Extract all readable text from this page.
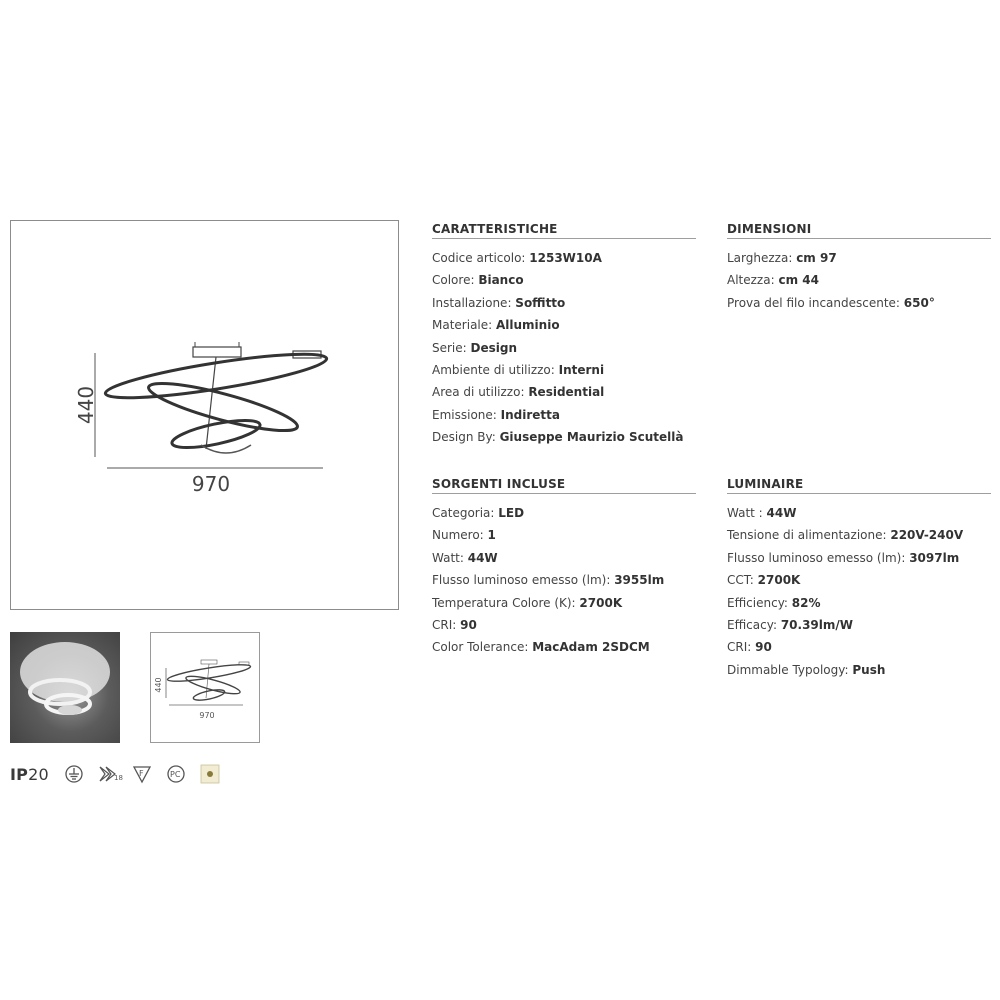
440
970
440
970
IP20	18 F	PC
CARATTERISTICHE
Codice articolo: 1253W10A
Colore: Bianco
Installazione: Soffitto
Materiale: Alluminio
Serie: Design
Ambiente di utilizzo: Interni
Area di utilizzo: Residential
Emissione: Indiretta
Design By: Giuseppe Maurizio Scutellà
DIMENSIONI
Larghezza: cm 97
Altezza: cm 44
Prova del filo incandescente: 650°
SORGENTI INCLUSE
Categoria: LED
Numero: 1
Watt: 44W
Flusso luminoso emesso (lm): 3955lm
Temperatura Colore (K): 2700K
CRI: 90
Color Tolerance: MacAdam 2SDCM
LUMINAIRE
Watt : 44W
Tensione di alimentazione: 220V-240V
Flusso luminoso emesso (lm): 3097lm
CCT: 2700K
Efficiency: 82%
Efficacy: 70.39lm/W
CRI: 90
Dimmable Typology: Push
